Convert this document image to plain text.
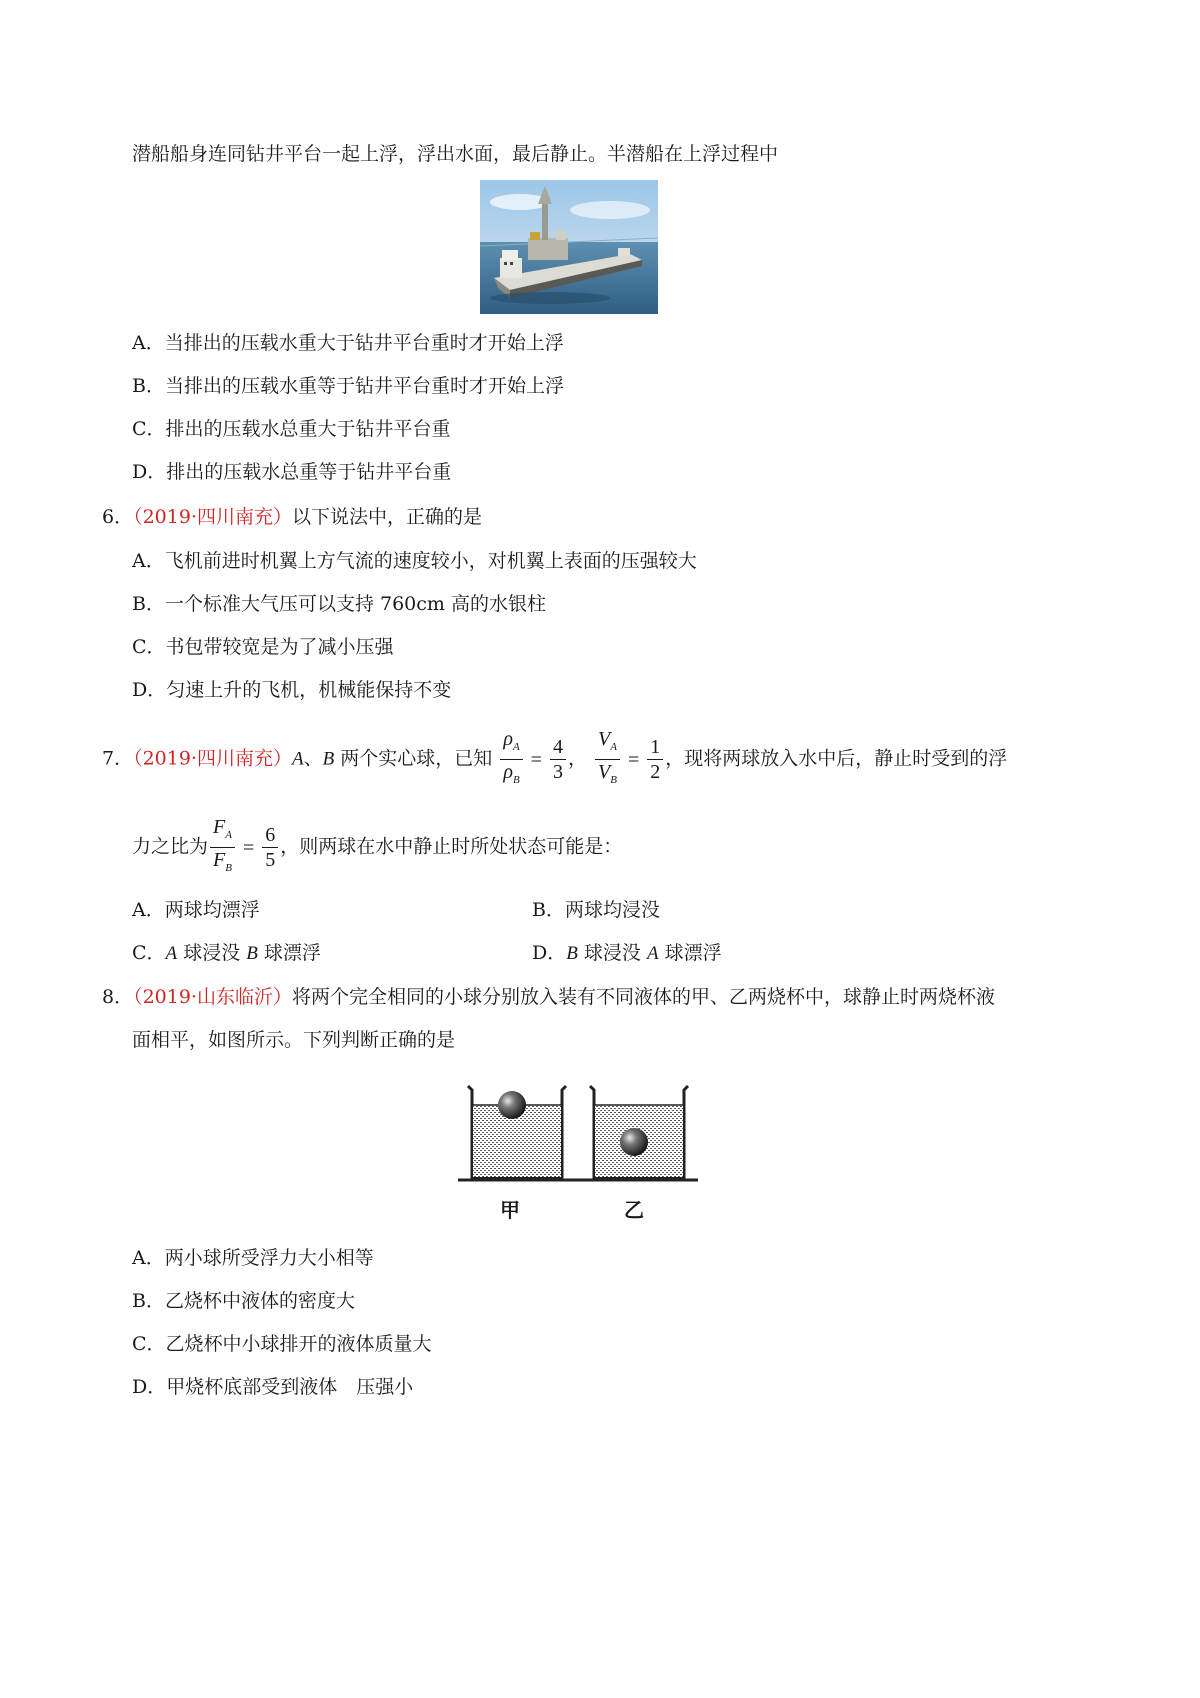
潜船船身连同钻井平台一起上浮，浮出水面，最后静止。半潜船在上浮过程中
A．当排出的压载水重大于钻井平台重时才开始上浮
B．当排出的压载水重等于钻井平台重时才开始上浮
C．排出的压载水总重大于钻井平台重
D．排出的压载水总重等于钻井平台重
6．（2019·四川南充）以下说法中，正确的是
A．飞机前进时机翼上方气流的速度较小，对机翼上表面的压强较大
B．一个标准大气压可以支持 760cm 高的水银柱
C．书包带较宽是为了减小压强
D．匀速上升的飞机，机械能保持不变
7．（2019·四川南充）A、B 两个实心球，已知 $\frac{\rho_A}{\rho_B} = \frac{4}{3}$ ， $\frac{V_A}{V_B} = \frac{1}{2}$ ，现将两球放入水中后，静止时受到的浮
力之比为 $\frac{F_A}{F_B} = \frac{6}{5}$ ，则两球在水中静止时所处状态可能是：
A．两球均漂浮	B．两球均浸没
C．A 球浸没 B 球漂浮	D．B 球浸没 A 球漂浮
8．（2019·山东临沂）将两个完全相同的小球分别放入装有不同液体的甲、乙两烧杯中，球静止时两烧杯液
面相平，如图所示。下列判断正确的是
甲	乙
A．两小球所受浮力大小相等
B．乙烧杯中液体的密度大
C．乙烧杯中小球排开的液体质量大
D．甲烧杯底部受到液体　压强小
